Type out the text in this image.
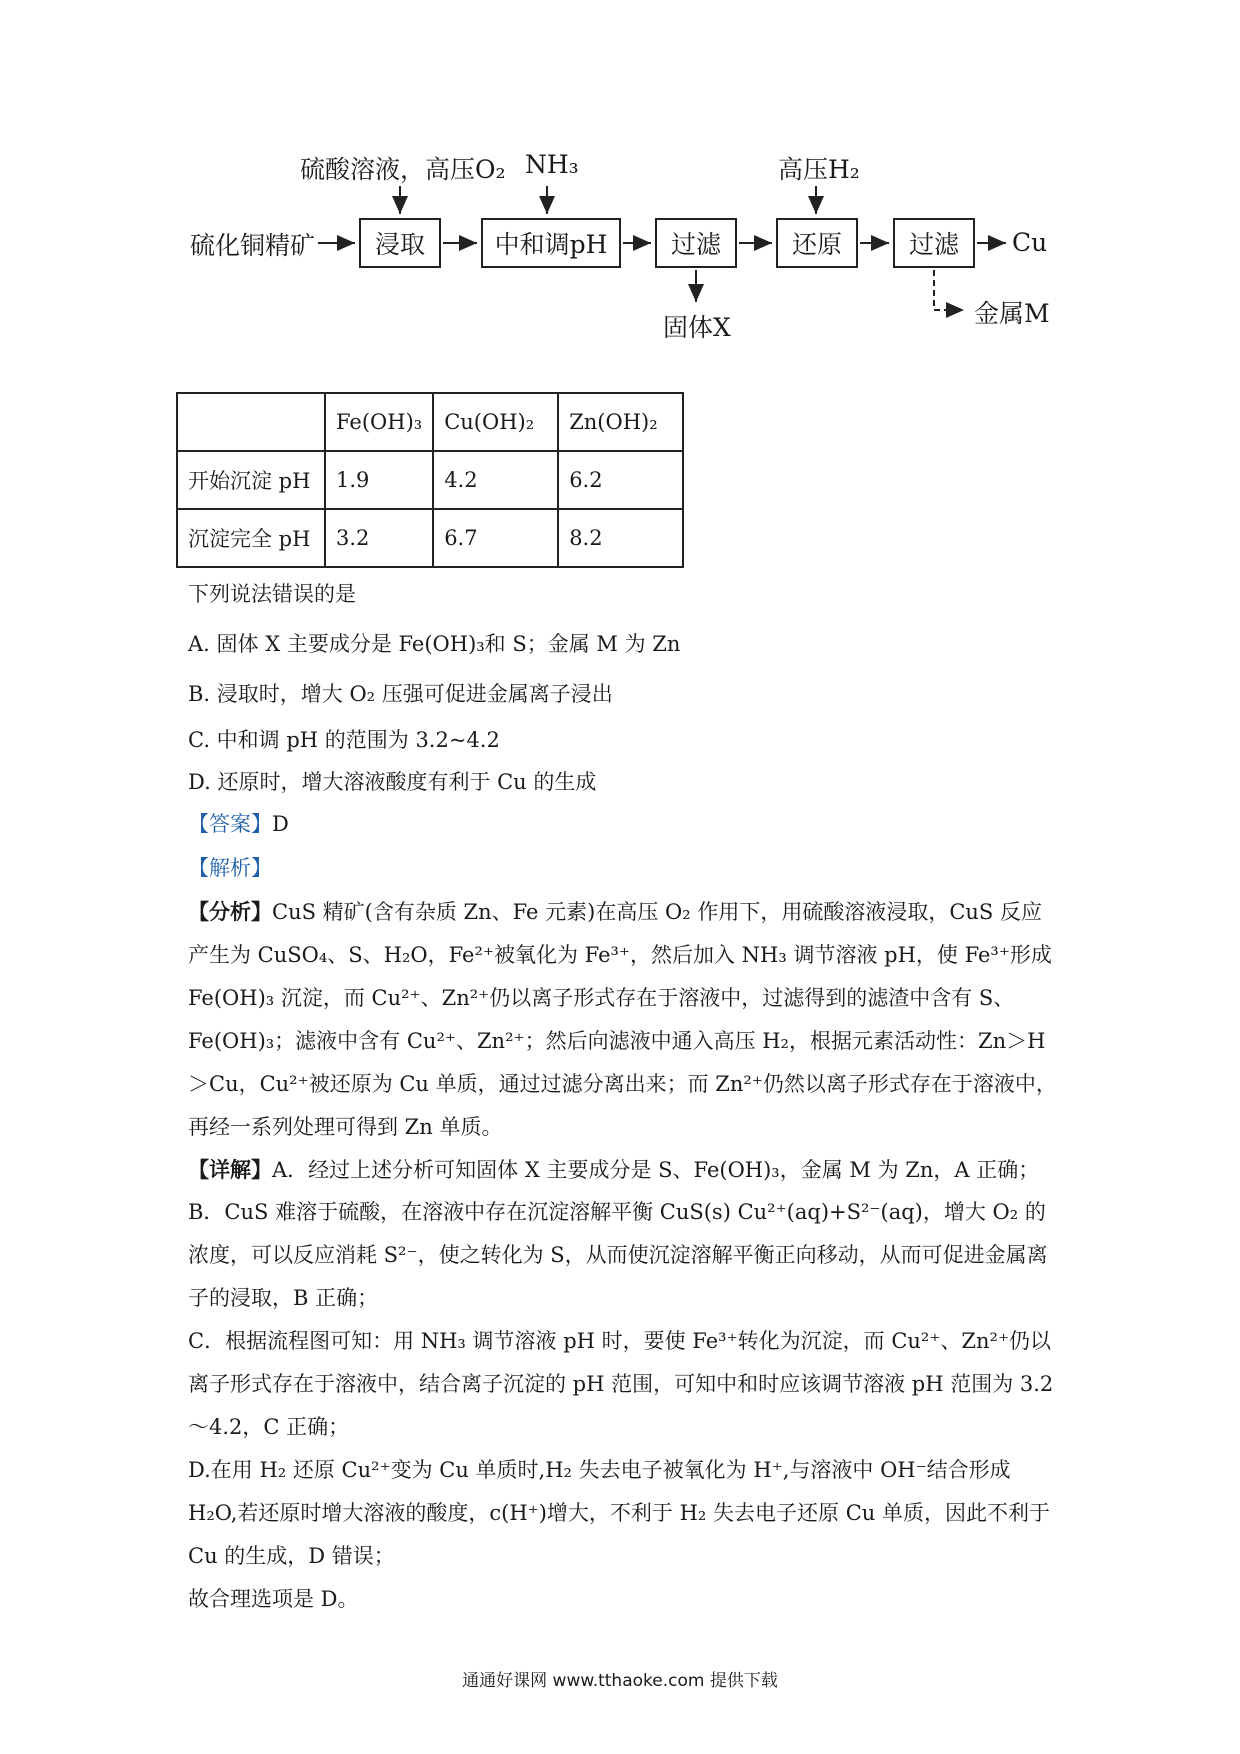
硫酸溶液，高压O₂ NH₃	高压H₂
硫化铜精矿	浸取	中和调pH	过滤	还原	过滤	Cu
固体X	金属M
	Fe(OH)₃	Cu(OH)₂	Zn(OH)₂
开始沉淀 pH	1.9	4.2	6.2
沉淀完全 pH	3.2	6.7	8.2
下列说法错误的是
A. 固体 X 主要成分是 Fe(OH)₃和 S；金属 M 为 Zn
B. 浸取时，增大 O₂ 压强可促进金属离子浸出
C. 中和调 pH 的范围为 3.2~4.2
D. 还原时，增大溶液酸度有利于 Cu 的生成
【答案】D
【解析】
【分析】CuS 精矿(含有杂质 Zn、Fe 元素)在高压 O₂ 作用下，用硫酸溶液浸取，CuS 反应产生为 CuSO₄、S、H₂O，Fe²⁺被氧化为 Fe³⁺，然后加入 NH₃ 调节溶液 pH，使 Fe³⁺形成 Fe(OH)₃ 沉淀，而 Cu²⁺、Zn²⁺仍以离子形式存在于溶液中，过滤得到的滤渣中含有 S、Fe(OH)₃；滤液中含有 Cu²⁺、Zn²⁺；然后向滤液中通入高压 H₂，根据元素活动性：Zn＞H＞Cu，Cu²⁺被还原为 Cu 单质，通过过滤分离出来；而 Zn²⁺仍然以离子形式存在于溶液中，再经一系列处理可得到 Zn 单质。
【详解】A．经过上述分析可知固体 X 主要成分是 S、Fe(OH)₃，金属 M 为 Zn，A 正确；
B．CuS 难溶于硫酸，在溶液中存在沉淀溶解平衡 CuS(s) Cu²⁺(aq)+S²⁻(aq)，增大 O₂ 的浓度，可以反应消耗 S²⁻，使之转化为 S，从而使沉淀溶解平衡正向移动，从而可促进金属离子的浸取，B 正确；
C．根据流程图可知：用 NH₃ 调节溶液 pH 时，要使 Fe³⁺转化为沉淀，而 Cu²⁺、Zn²⁺仍以离子形式存在于溶液中，结合离子沉淀的 pH 范围，可知中和时应该调节溶液 pH 范围为 3.2～4.2，C 正确；
D.在用 H₂ 还原 Cu²⁺变为 Cu 单质时,H₂ 失去电子被氧化为 H⁺,与溶液中 OH⁻结合形成 H₂O,若还原时增大溶液的酸度，c(H⁺)增大，不利于 H₂ 失去电子还原 Cu 单质，因此不利于 Cu 的生成，D 错误；
故合理选项是 D。
通通好课网 www.tthaoke.com 提供下载
